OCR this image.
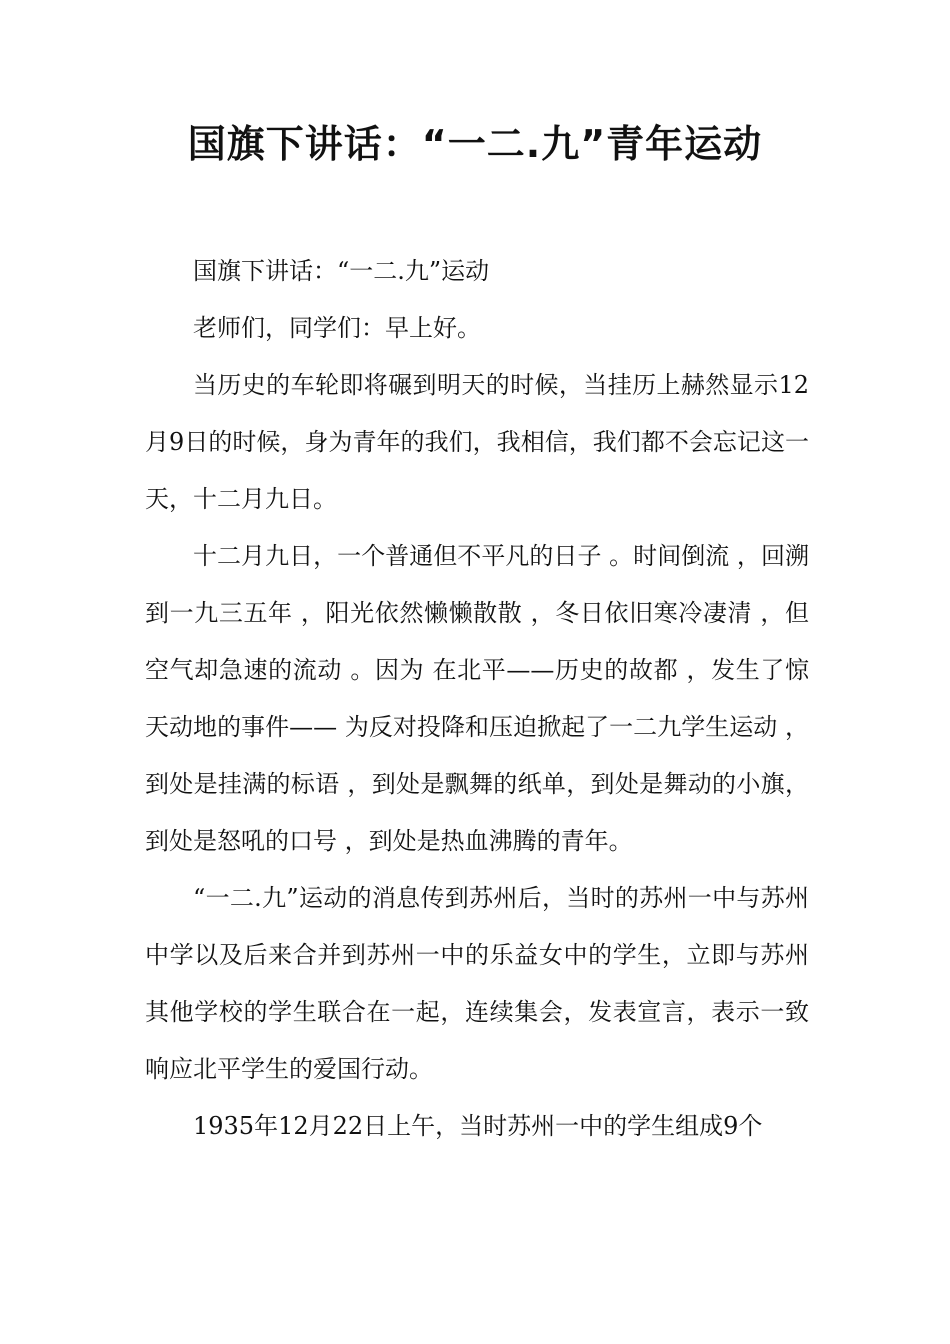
国旗下讲话：“一二.九”青年运动

国旗下讲话：“一二.九”运动

老师们，同学们：早上好。

当历史的车轮即将碾到明天的时候，当挂历上赫然显示12月9日的时候，身为青年的我们，我相信，我们都不会忘记这一天，十二月九日。

十二月九日，一个普通但不平凡的日子 。时间倒流 ，回溯到一九三五年 ，阳光依然懒懒散散 ，冬日依旧寒冷凄清 ，但空气却急速的流动 。因为 在北平——历史的故都 ，发生了惊天动地的事件—— 为反对投降和压迫掀起了一二九学生运动 ，到处是挂满的标语 ，到处是飘舞的纸单，到处是舞动的小旗，到处是怒吼的口号 ，到处是热血沸腾的青年。

“一二.九”运动的消息传到苏州后，当时的苏州一中与苏州中学以及后来合并到苏州一中的乐益女中的学生，立即与苏州其他学校的学生联合在一起，连续集会，发表宣言，表示一致响应北平学生的爱国行动。

1935年12月22日上午，当时苏州一中的学生组成9个
